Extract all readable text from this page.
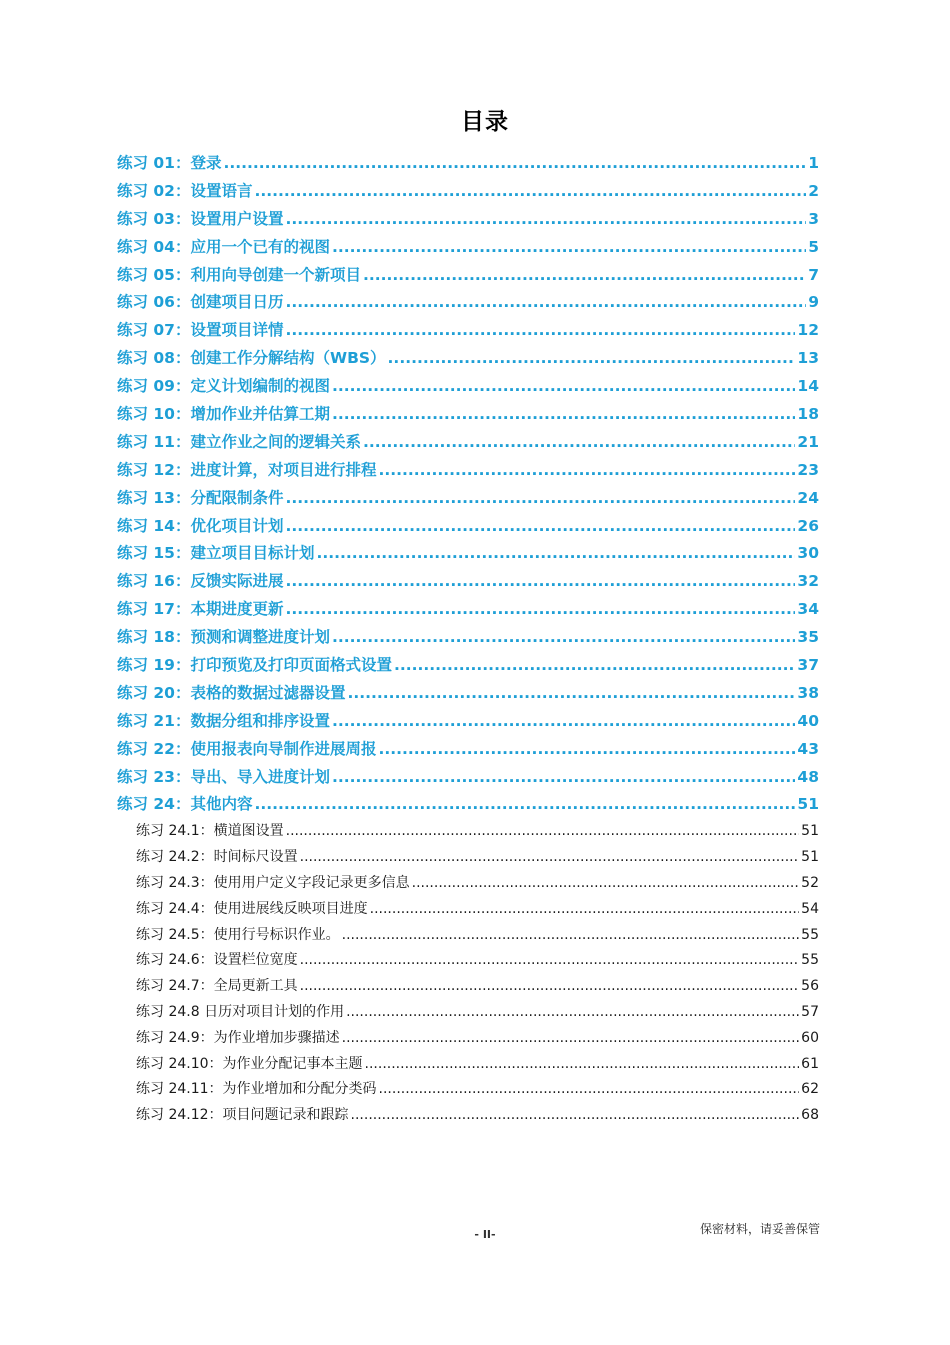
目录
练习 01：登录 .....	1
练习 02：设置语言 .....	2
练习 03：设置用户设置 .....	3
练习 04：应用一个已有的视图 .....	5
练习 05：利用向导创建一个新项目 .....	7
练习 06：创建项目日历 .....	9
练习 07：设置项目详情 .....	12
练习 08：创建工作分解结构（WBS） .....	13
练习 09：定义计划编制的视图 .....	14
练习 10：增加作业并估算工期 .....	18
练习 11：建立作业之间的逻辑关系 .....	21
练习 12：进度计算，对项目进行排程 .....	23
练习 13：分配限制条件 .....	24
练习 14：优化项目计划 .....	26
练习 15：建立项目目标计划 .....	30
练习 16：反馈实际进展 .....	32
练习 17：本期进度更新 .....	34
练习 18：预测和调整进度计划 .....	35
练习 19：打印预览及打印页面格式设置 .....	37
练习 20：表格的数据过滤器设置 .....	38
练习 21：数据分组和排序设置 .....	40
练习 22：使用报表向导制作进展周报 .....	43
练习 23：导出、导入进度计划 .....	48
练习 24：其他内容 .....	51
练习 24.1：横道图设置 .....	51
练习 24.2：时间标尺设置 .....	51
练习 24.3：使用用户定义字段记录更多信息 .....	52
练习 24.4：使用进展线反映项目进度 .....	54
练习 24.5：使用行号标识作业。 .....	55
练习 24.6：设置栏位宽度 .....	55
练习 24.7：全局更新工具 .....	56
练习 24.8 日历对项目计划的作用 .....	57
练习 24.9：为作业增加步骤描述 .....	60
练习 24.10：为作业分配记事本主题 .....	61
练习 24.11：为作业增加和分配分类码 .....	62
练习 24.12：项目问题记录和跟踪 .....	68
- II-	保密材料，请妥善保管
